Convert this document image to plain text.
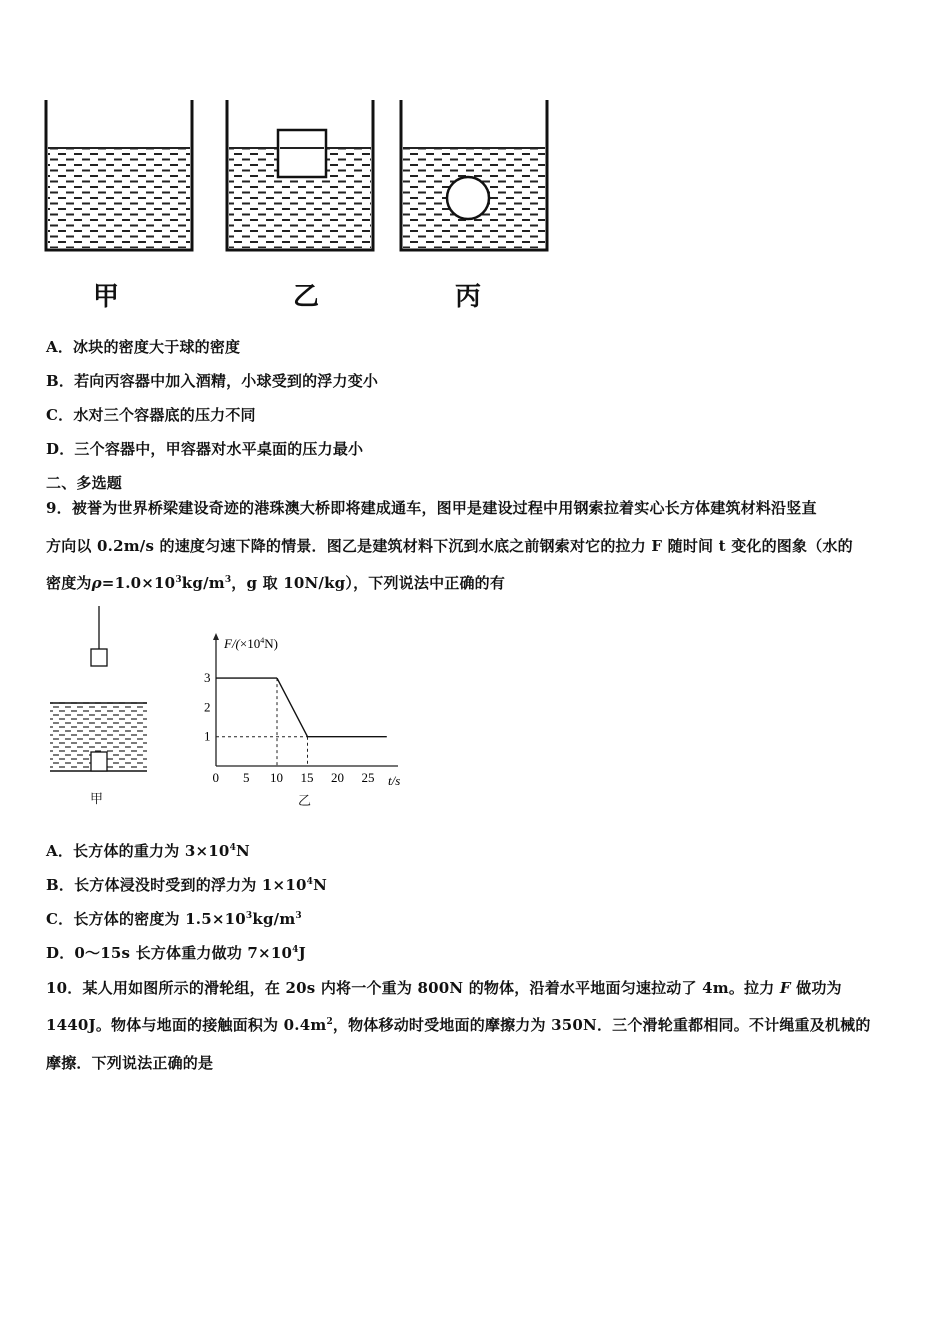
甲	乙	丙
A．冰块的密度大于球的密度
B．若向丙容器中加入酒精，小球受到的浮力变小
C．水对三个容器底的压力不同
D．三个容器中，甲容器对水平桌面的压力最小
二、多选题
9．被誉为世界桥梁建设奇迹的港珠澳大桥即将建成通车，图甲是建设过程中用钢索拉着实心长方体建筑材料沿竖直
方向以 0.2m/s 的速度匀速下降的情景．图乙是建筑材料下沉到水底之前钢索对它的拉力 F 随时间 t 变化的图象（水的
密度为$\rho=1.0\times 10^3kg/m^3$，g 取 10N/kg），下列说法中正确的有
甲
$F/(\times 10^4N)$
t/s
0 5 10 15 20 25
1
2
3
乙
A．长方体的重力为 $3\times 10^4N$
B．长方体浸没时受到的浮力为 $1\times 10^4N$
C．长方体的密度为 $1.5\times 10^3kg/m^3$
D．0～15s 长方体重力做功 $7\times 10^4J$
10．某人用如图所示的滑轮组，在 20s 内将一个重为 800N 的物体，沿着水平地面匀速拉动了 4m。拉力 F 做功为
1440J。物体与地面的接触面积为 $0.4m^2$，物体移动时受地面的摩擦力为 350N．三个滑轮重都相同。不计绳重及机械的
摩擦．下列说法正确的是
